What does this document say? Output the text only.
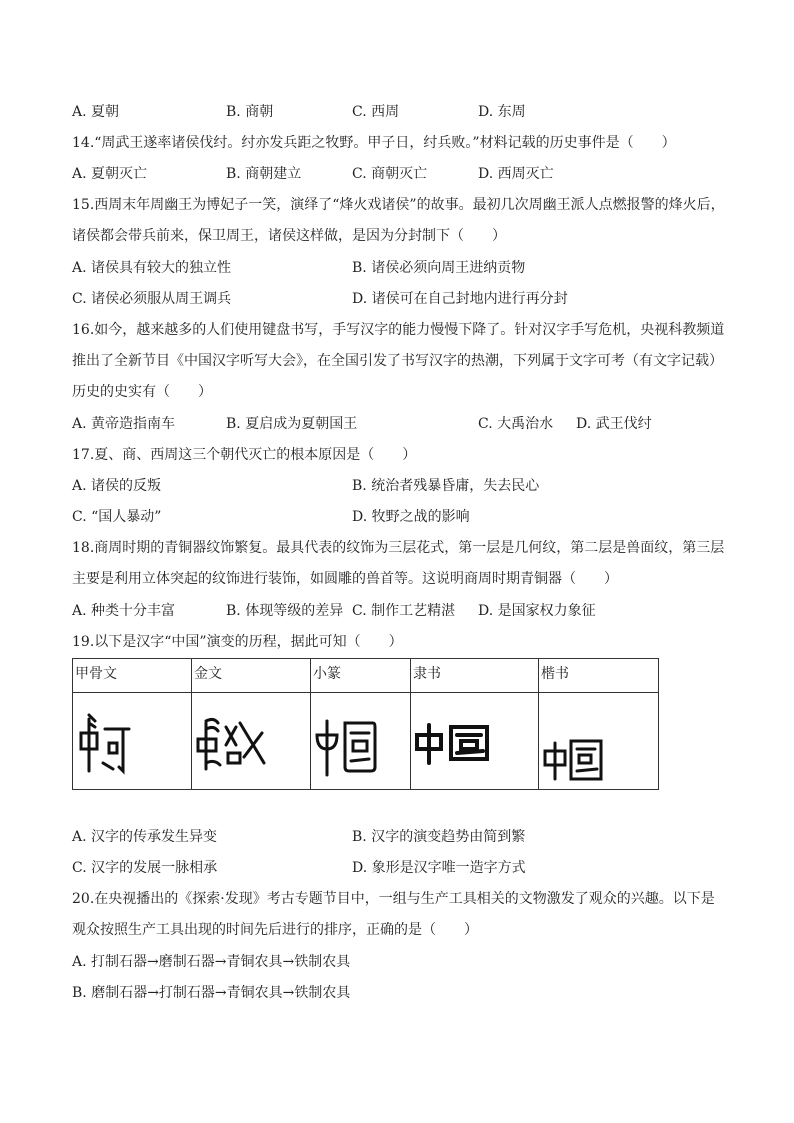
A. 夏朝	B. 商朝	C. 西周	D. 东周
14.“周武王遂率诸侯伐纣。纣亦发兵距之牧野。甲子日，纣兵败。”材料记载的历史事件是（　　）
A. 夏朝灭亡	B. 商朝建立	C. 商朝灭亡	D. 西周灭亡
15.西周末年周幽王为博妃子一笑，演绎了“烽火戏诸侯”的故事。最初几次周幽王派人点燃报警的烽火后，
诸侯都会带兵前来，保卫周王，诸侯这样做，是因为分封制下（　　）
A. 诸侯具有较大的独立性	B. 诸侯必须向周王进纳贡物
C. 诸侯必须服从周王调兵	D. 诸侯可在自己封地内进行再分封
16.如今，越来越多的人们使用键盘书写，手写汉字的能力慢慢下降了。针对汉字手写危机，央视科教频道
推出了全新节目《中国汉字听写大会》，在全国引发了书写汉字的热潮，下列属于文字可考（有文字记载）
历史的史实有（　　）
A. 黄帝造指南车	B. 夏启成为夏朝国王	C. 大禹治水 D. 武王伐纣
17.夏、商、西周这三个朝代灭亡的根本原因是（　　）
A. 诸侯的反叛	B. 统治者残暴昏庸，失去民心
C. “国人暴动”	D. 牧野之战的影响
18.商周时期的青铜器纹饰繁复。最具代表的纹饰为三层花式，第一层是几何纹，第二层是兽面纹，第三层
主要是利用立体突起的纹饰进行装饰，如圆雕的兽首等。这说明商周时期青铜器（　　）
A. 种类十分丰富	B. 体现等级的差异 C. 制作工艺精湛 D. 是国家权力象征
19.以下是汉字“中国”演变的历程，据此可知（　　）
甲骨文	金文	小篆	隶书	楷书

A. 汉字的传承发生异变	B. 汉字的演变趋势由简到繁
C. 汉字的发展一脉相承	D. 象形是汉字唯一造字方式
20.在央视播出的《探索·发现》考古专题节目中，一组与生产工具相关的文物激发了观众的兴趣。以下是
观众按照生产工具出现的时间先后进行的排序，正确的是（　　）
A. 打制石器→磨制石器→青铜农具→铁制农具
B. 磨制石器→打制石器→青铜农具→铁制农具
